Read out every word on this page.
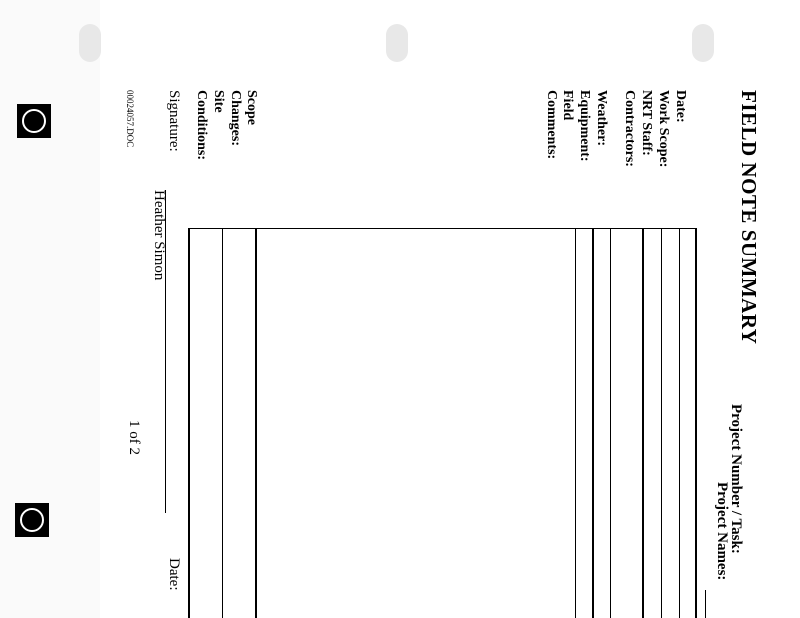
FIELD NOTE SUMMARY
Project Number / Task:
Project Names:
Date:
Work Scope:
NRT Staff:
Contractors:
Weather:
Equipment:
Field
Comments:
Scope
Changes:
Site
Conditions:
Signature:
Heather Simon
Date:
1 of 2
00024057.DOC
